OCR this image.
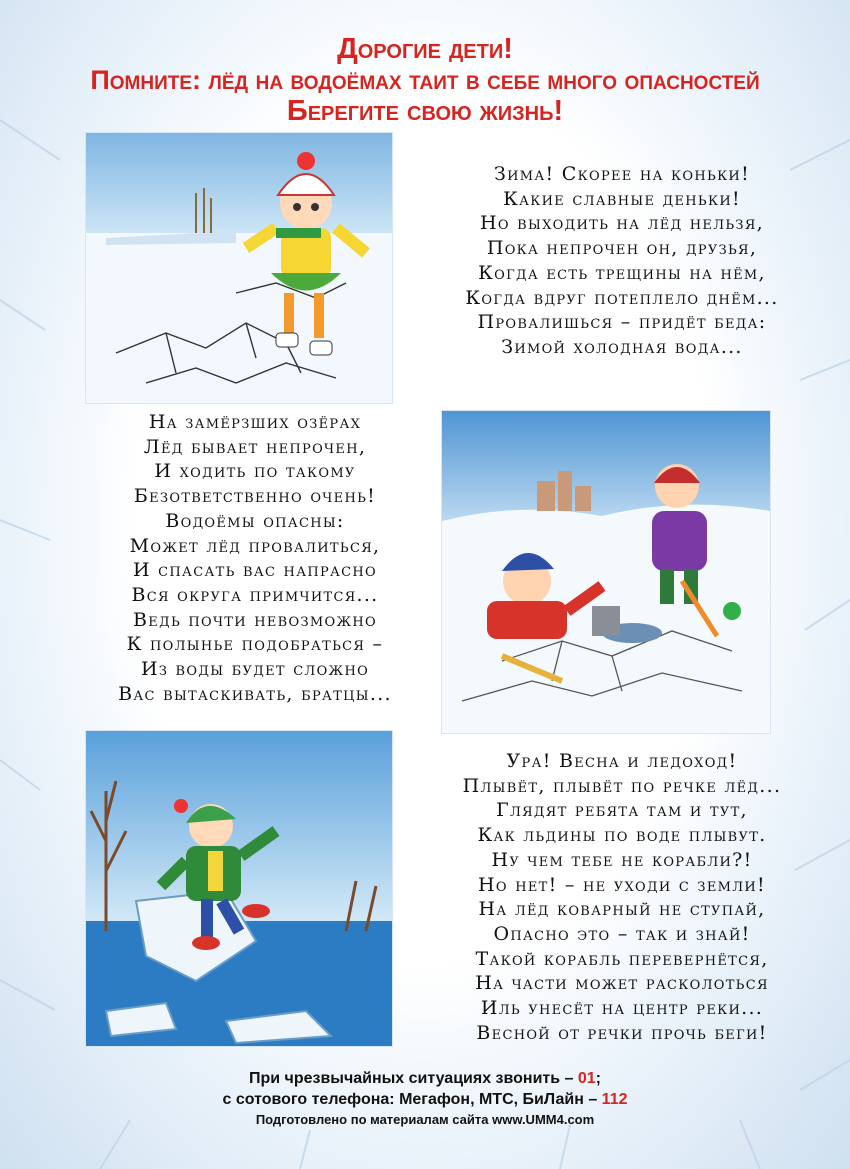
Дорогие дети!
Помните: лёд на водоёмах таит в себе много опасностей
Берегите свою жизнь!
Зима! Скорее на коньки!
Какие славные деньки!
Но выходить на лёд нельзя,
Пока непрочен он, друзья,
Когда есть трещины на нём,
Когда вдруг потеплело днём...
Провалишься – придёт беда:
Зимой холодная вода...
На замёрзших озёрах
Лёд бывает непрочен,
И ходить по такому
Безответственно очень!
Водоёмы опасны:
Может лёд провалиться,
И спасать вас напрасно
Вся округа примчится...
Ведь почти невозможно
К полынье подобраться –
Из воды будет сложно
Вас вытаскивать, братцы...
Ура! Весна и ледоход!
Плывёт, плывёт по речке лёд...
Глядят ребята там и тут,
Как льдины по воде плывут.
Ну чем тебе не корабли?!
Но нет! – не уходи с земли!
На лёд коварный не ступай,
Опасно это – так и знай!
Такой корабль перевернётся,
На части может расколоться
Иль унесёт на центр реки...
Весной от речки прочь беги!
При чрезвычайных ситуациях звонить – 01;
с сотового телефона: Мегафон, МТС, БиЛайн – 112
Подготовлено по материалам сайта www.UMM4.com
